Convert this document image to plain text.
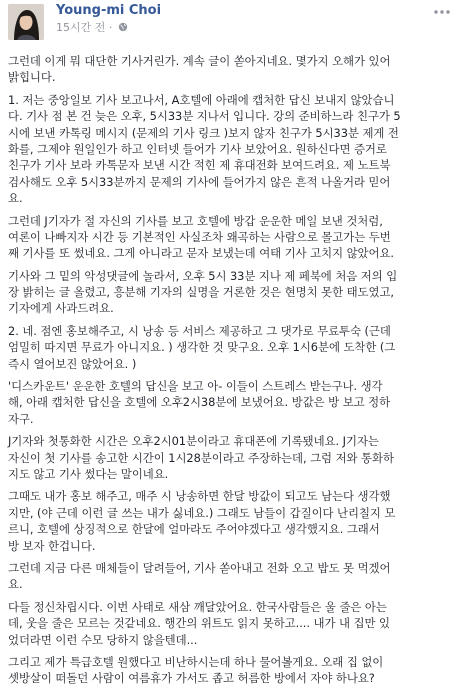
Young-mi Choi
15시간 전 ·
그런데 이게 뭐 대단한 기사거린가. 계속 글이 쏟아지네요. 몇가지 오해가 있어
밝힙니다.
1. 저는 중앙일보 기사 보고나서, A호텔에 아래에 캡처한 답신 보내지 않았습니
다. 기사 점 본 건 늦은 오후, 5시33분 지나서 입니다. 강의 준비하느라 친구가 5
시에 보낸 카톡링 메시지 (문제의 기사 링크 )보지 않자 친구가 5시33분 제게 전
화를, 그제야 원일인가 하고 인터넷 들어가 기사 보았어요. 원하신다면 증거로
친구가 기사 보라 카톡문자 보낸 시간 적힌 제 휴대전화 보여드려요. 제 노트북
검사해도 오후 5시33분까지 문제의 기사에 들어가지 않은 흔적 나올거라 믿어
요.
그런데 J기자가 절 자신의 기사를 보고 호텔에 방갑 운운한 메일 보낸 것처럼,
여론이 나빠지자 시간 등 기본적인 사실조차 왜곡하는 사람으로 몰고가는 두번
째 기사를 또 썼네요. 그게 아니라고 문자 보냈는데 여태 기사 고치지 않았어요.
기사와 그 밑의 악성댓글에 놀라서, 오후 5시 33분 지나 제 페북에 처음 저의 입
장 밝히는 글 올렸고, 흥분해 기자의 실명을 거론한 것은 현명치 못한 태도였고,
기자에게 사과드려요.
2. 네. 점엔 홍보해주고, 시 낭송 등 서비스 제공하고 그 댓가로 무료투숙 (근데
엄밀히 따지면 무료가 아니지요. ) 생각한 것 맞구요. 오후 1시6분에 도착한 (그
즉시 열어보진 않았어요. )
'디스카운트' 운운한 호텔의 답신을 보고 아- 이들이 스트레스 받는구나. 생각
해, 아래 캡처한 답신을 호텔에 오후2시38분에 보냈어요. 방값은 방 보고 정하
자구.
J기자와 첫통화한 시간은 오후2시01분이라고 휴대폰에 기록됐네요. J기자는
자신이 첫 기사를 송고한 시간이 1시28분이라고 주장하는데, 그럼 저와 통화하
지도 않고 기사 썼다는 말이네요.
그때도 내가 홍보 해주고, 매주 시 낭송하면 한달 방값이 되고도 남는다 생각했
지만, (야 근데 이런 글 쓰는 내가 싫네요.) 그래도 남들이 갑질이다 난리칠지 모
르니, 호텔에 상징적으로 한달에 얼마라도 주어야겠다고 생각했지요. 그래서
방 보자 한겁니다.
그런데 지금 다른 매체들이 달려들어, 기사 쏟아내고 전화 오고 밥도 못 먹겠어
요.
다들 정신차립시다. 이번 사태로 새삼 깨달았어요. 한국사람들은 울 줄은 아는
데, 웃을 줄은 모르는 것같네요. 행간의 위트도 읽지 못하고.... 내가 내 집만 있
었더라면 이런 수모 당하지 않을텐데...
그리고 제가 특급호텔 원했다고 비난하시는데 하나 물어볼게요. 오래 집 없이
셋방살이 떠돌던 사람이 여름휴가 가서도 좁고 허름한 방에서 자야 하나요?
